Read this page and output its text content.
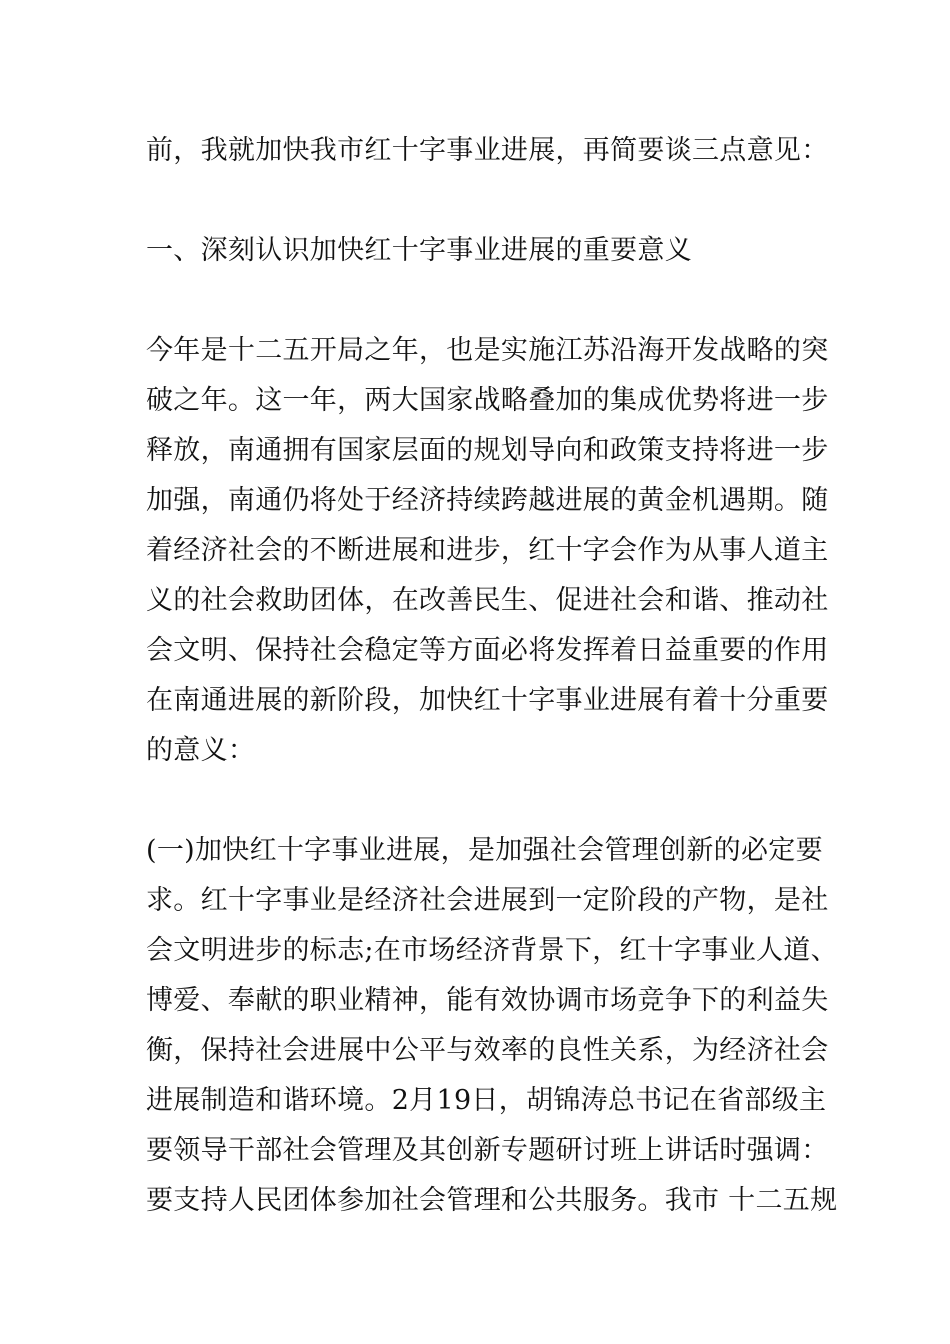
前，我就加快我市红十字事业进展，再简要谈三点意见：
一、深刻认识加快红十字事业进展的重要意义
今年是十二五开局之年，也是实施江苏沿海开发战略的突
破之年。这一年，两大国家战略叠加的集成优势将进一步
释放，南通拥有国家层面的规划导向和政策支持将进一步
加强，南通仍将处于经济持续跨越进展的黄金机遇期。随
着经济社会的不断进展和进步，红十字会作为从事人道主
义的社会救助团体，在改善民生、促进社会和谐、推动社
会文明、保持社会稳定等方面必将发挥着日益重要的作用
在南通进展的新阶段，加快红十字事业进展有着十分重要
的意义：
(一)加快红十字事业进展，是加强社会管理创新的必定要
求。红十字事业是经济社会进展到一定阶段的产物，是社
会文明进步的标志;在市场经济背景下，红十字事业人道、
博爱、奉献的职业精神，能有效协调市场竞争下的利益失
衡，保持社会进展中公平与效率的良性关系，为经济社会
进展制造和谐环境。2月19日，胡锦涛总书记在省部级主
要领导干部社会管理及其创新专题研讨班上讲话时强调：
要支持人民团体参加社会管理和公共服务。我市 十二五规
